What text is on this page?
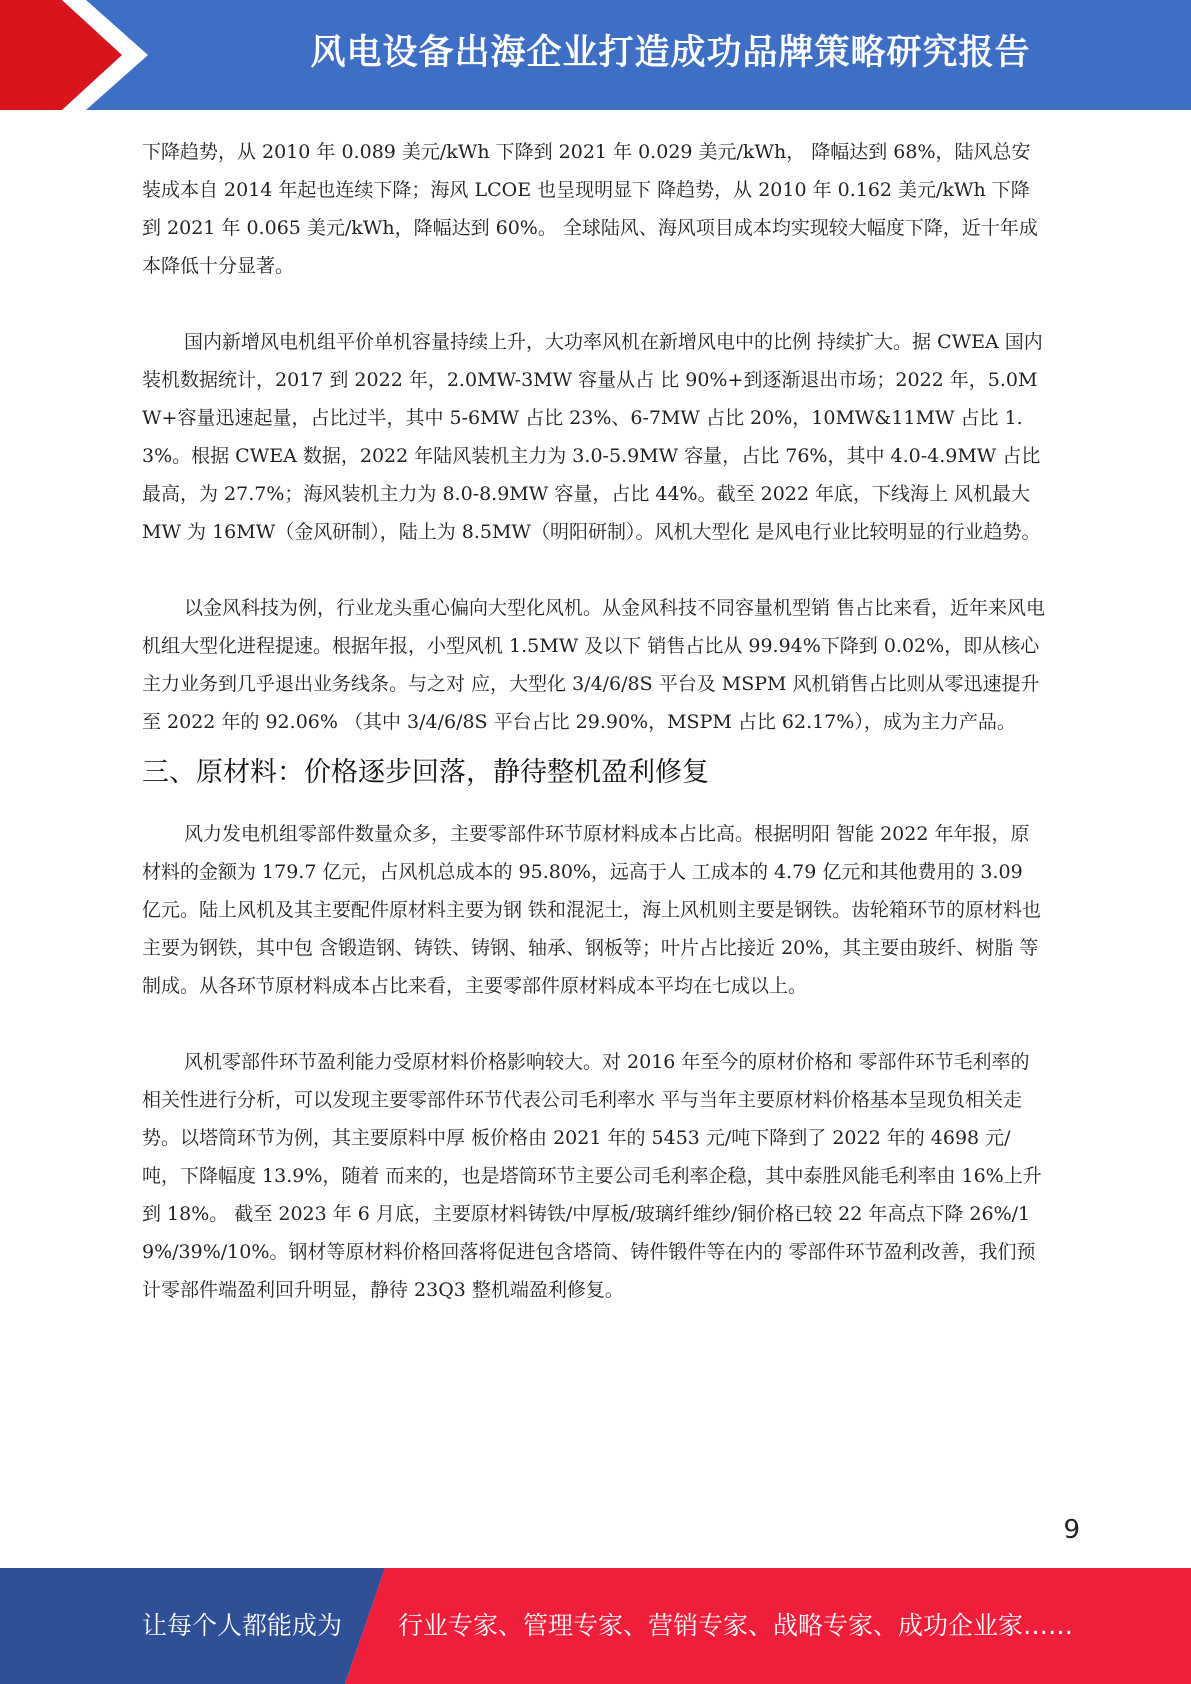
风电设备出海企业打造成功品牌策略研究报告

下降趋势，从 2010 年 0.089 美元/kWh 下降到 2021 年 0.029 美元/kWh， 降幅达到 68%，陆风总安装成本自 2014 年起也连续下降；海风 LCOE 也呈现明显下 降趋势，从 2010 年 0.162 美元/kWh 下降到 2021 年 0.065 美元/kWh，降幅达到 60%。 全球陆风、海风项目成本均实现较大幅度下降，近十年成本降低十分显著。

国内新增风电机组平价单机容量持续上升，大功率风机在新增风电中的比例 持续扩大。据 CWEA 国内装机数据统计，2017 到 2022 年，2.0MW-3MW 容量从占 比 90%+到逐渐退出市场；2022 年，5.0MW+容量迅速起量，占比过半，其中 5-6MW 占比 23%、6-7MW 占比 20%，10MW&11MW 占比 1.3%。根据 CWEA 数据，2022 年陆风装机主力为 3.0-5.9MW 容量，占比 76%，其中 4.0-4.9MW 占比最高，为 27.7%；海风装机主力为 8.0-8.9MW 容量，占比 44%。截至 2022 年底，下线海上 风机最大 MW 为 16MW（金风研制），陆上为 8.5MW（明阳研制）。风机大型化 是风电行业比较明显的行业趋势。

以金风科技为例，行业龙头重心偏向大型化风机。从金风科技不同容量机型销 售占比来看，近年来风电机组大型化进程提速。根据年报，小型风机 1.5MW 及以下 销售占比从 99.94%下降到 0.02%，即从核心主力业务到几乎退出业务线条。与之对 应，大型化 3/4/6/8S 平台及 MSPM 风机销售占比则从零迅速提升至 2022 年的 92.06% （其中 3/4/6/8S 平台占比 29.90%，MSPM 占比 62.17%），成为主力产品。

三、原材料：价格逐步回落，静待整机盈利修复

风力发电机组零部件数量众多，主要零部件环节原材料成本占比高。根据明阳 智能 2022 年年报，原材料的金额为 179.7 亿元，占风机总成本的 95.80%，远高于人 工成本的 4.79 亿元和其他费用的 3.09 亿元。陆上风机及其主要配件原材料主要为钢 铁和混泥土，海上风机则主要是钢铁。齿轮箱环节的原材料也主要为钢铁，其中包 含锻造钢、铸铁、铸钢、轴承、钢板等；叶片占比接近 20%，其主要由玻纤、树脂 等制成。从各环节原材料成本占比来看，主要零部件原材料成本平均在七成以上。

风机零部件环节盈利能力受原材料价格影响较大。对 2016 年至今的原材价格和 零部件环节毛利率的相关性进行分析，可以发现主要零部件环节代表公司毛利率水 平与当年主要原材料价格基本呈现负相关走势。以塔筒环节为例，其主要原料中厚 板价格由 2021 年的 5453 元/吨下降到了 2022 年的 4698 元/吨，下降幅度 13.9%，随着 而来的，也是塔筒环节主要公司毛利率企稳，其中泰胜风能毛利率由 16%上升到 18%。 截至 2023 年 6 月底，主要原材料铸铁/中厚板/玻璃纤维纱/铜价格已较 22 年高点下降 26%/19%/39%/10%。钢材等原材料价格回落将促进包含塔筒、铸件锻件等在内的 零部件环节盈利改善，我们预计零部件端盈利回升明显，静待 23Q3 整机端盈利修复。

9
让每个人都能成为 行业专家、管理专家、营销专家、战略专家、成功企业家……
